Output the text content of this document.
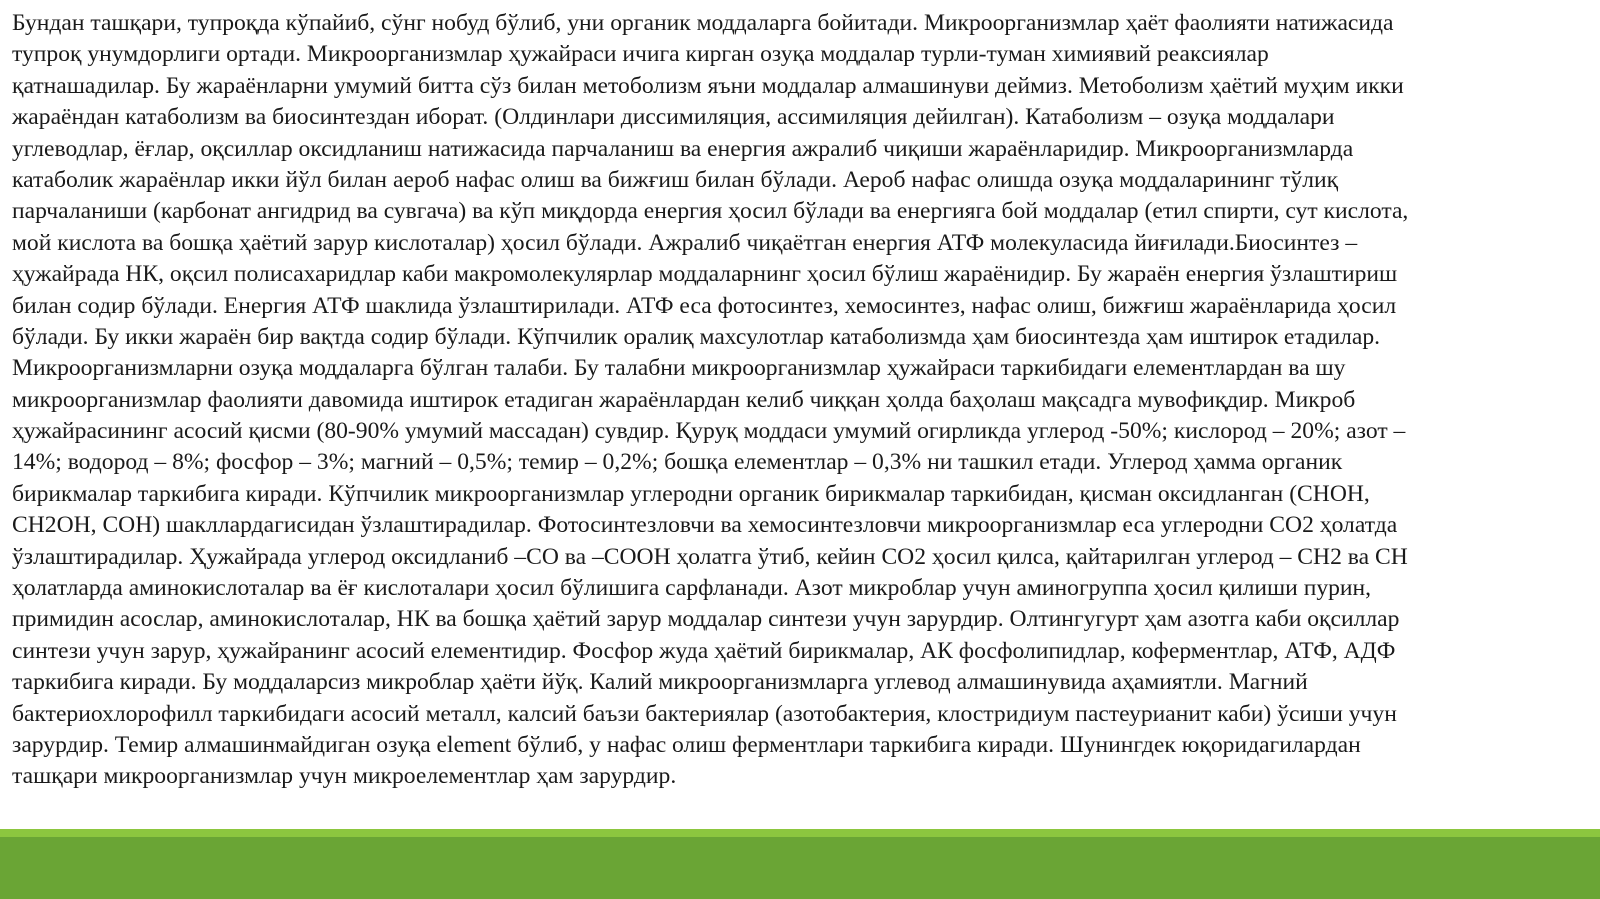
Бундан ташқари, тупроқда кўпайиб, сўнг нобуд бўлиб, уни органик моддаларга бойитади. Микроорганизмлар ҳаёт фаолияти натижасида
тупроқ унумдорлиги ортади. Микроорганизмлар ҳужайраси ичига кирган озуқа моддалар турли-туман химиявий реаксиялар
қатнашадилар. Бу жараёнларни умумий битта сўз билан метоболизм яъни моддалар алмашинуви деймиз. Метоболизм ҳаётий муҳим икки
жараёндан катаболизм ва биосинтездан иборат. (Олдинлари диссимиляция, ассимиляция дейилган). Катаболизм – озуқа моддалари
углеводлар, ёғлар, оқсиллар оксидланиш натижасида парчаланиш ва енергия ажралиб чиқиши жараёнларидир. Микроорганизмларда
катаболик жараёнлар икки йўл билан аероб нафас олиш ва бижғиш билан бўлади. Аероб нафас олишда озуқа моддаларининг тўлиқ
парчаланиши (карбонат ангидрид ва сувгача) ва кўп миқдорда енергия ҳосил бўлади ва енергияга бой моддалар (етил спирти, сут кислота,
мой кислота ва бошқа ҳаётий зарур кислоталар) ҳосил бўлади. Ажралиб чиқаётган енергия АТФ молекуласида йиғилади.Биосинтез –
ҳужайрада НК, оқсил полисахаридлар каби макромолекулярлар моддаларнинг ҳосил бўлиш жараёнидир. Бу жараён енергия ўзлаштириш
билан содир бўлади. Енергия АТФ шаклида ўзлаштирилади. АТФ еса фотосинтез, хемосинтез, нафас олиш, бижғиш жараёнларида ҳосил
бўлади. Бу икки жараён бир вақтда содир бўлади. Кўпчилик оралиқ махсулотлар катаболизмда ҳам биосинтезда ҳам иштирок етадилар.
Микроорганизмларни озуқа моддаларга бўлган талаби. Бу талабни микроорганизмлар ҳужайраси таркибидаги елементлардан ва шу
микроорганизмлар фаолияти давомида иштирок етадиган жараёнлардан келиб чиққан ҳолда баҳолаш мақсадга мувофиқдир. Микроб
ҳужайрасининг асосий қисми (80-90% умумий массадан) сувдир. Қуруқ моддаси умумий огирликда углерод -50%; кислород – 20%; азот –
14%; водород – 8%; фосфор – 3%; магний – 0,5%; темир – 0,2%; бошқа елементлар – 0,3% ни ташкил етади. Углерод ҳамма органик
бирикмалар таркибига киради. Кўпчилик микроорганизмлар углеродни органик бирикмалар таркибидан, қисман оксидланган (СНОН,
СН2ОН, СОН) шакллардагисидан ўзлаштирадилар. Фотосинтезловчи ва хемосинтезловчи микроорганизмлар еса углеродни СО2 ҳолатда
ўзлаштирадилар. Ҳужайрада углерод оксидланиб –СО ва –СООН ҳолатга ўтиб, кейин СО2 ҳосил қилса, қайтарилган углерод – СН2 ва СН
ҳолатларда аминокислоталар ва ёғ кислоталари ҳосил бўлишига сарфланади. Азот микроблар учун аминогруппа ҳосил қилиши пурин,
примидин асослар, аминокислоталар, НК ва бошқа ҳаётий зарур моддалар синтези учун зарурдир. Олтингугурт ҳам азотга каби оқсиллар
синтези учун зарур, ҳужайранинг асосий елементидир. Фосфор жуда ҳаётий бирикмалар, АК фосфолипидлар, коферментлар, АТФ, АДФ
таркибига киради. Бу моддаларсиз микроблар ҳаёти йўқ. Калий микроорганизмларга углевод алмашинувида аҳамиятли. Магний
бактериохлорофилл таркибидаги асосий металл, калсий баъзи бактериялар (азотобактерия, клостридиум пастеурианит каби) ўсиши учун
зарурдир. Темир алмашинмайдиган озуқа element бўлиб, у нафас олиш ферментлари таркибига киради. Шунингдек юқоридагилардан
ташқари микроорганизмлар учун микроелементлар ҳам зарурдир.
